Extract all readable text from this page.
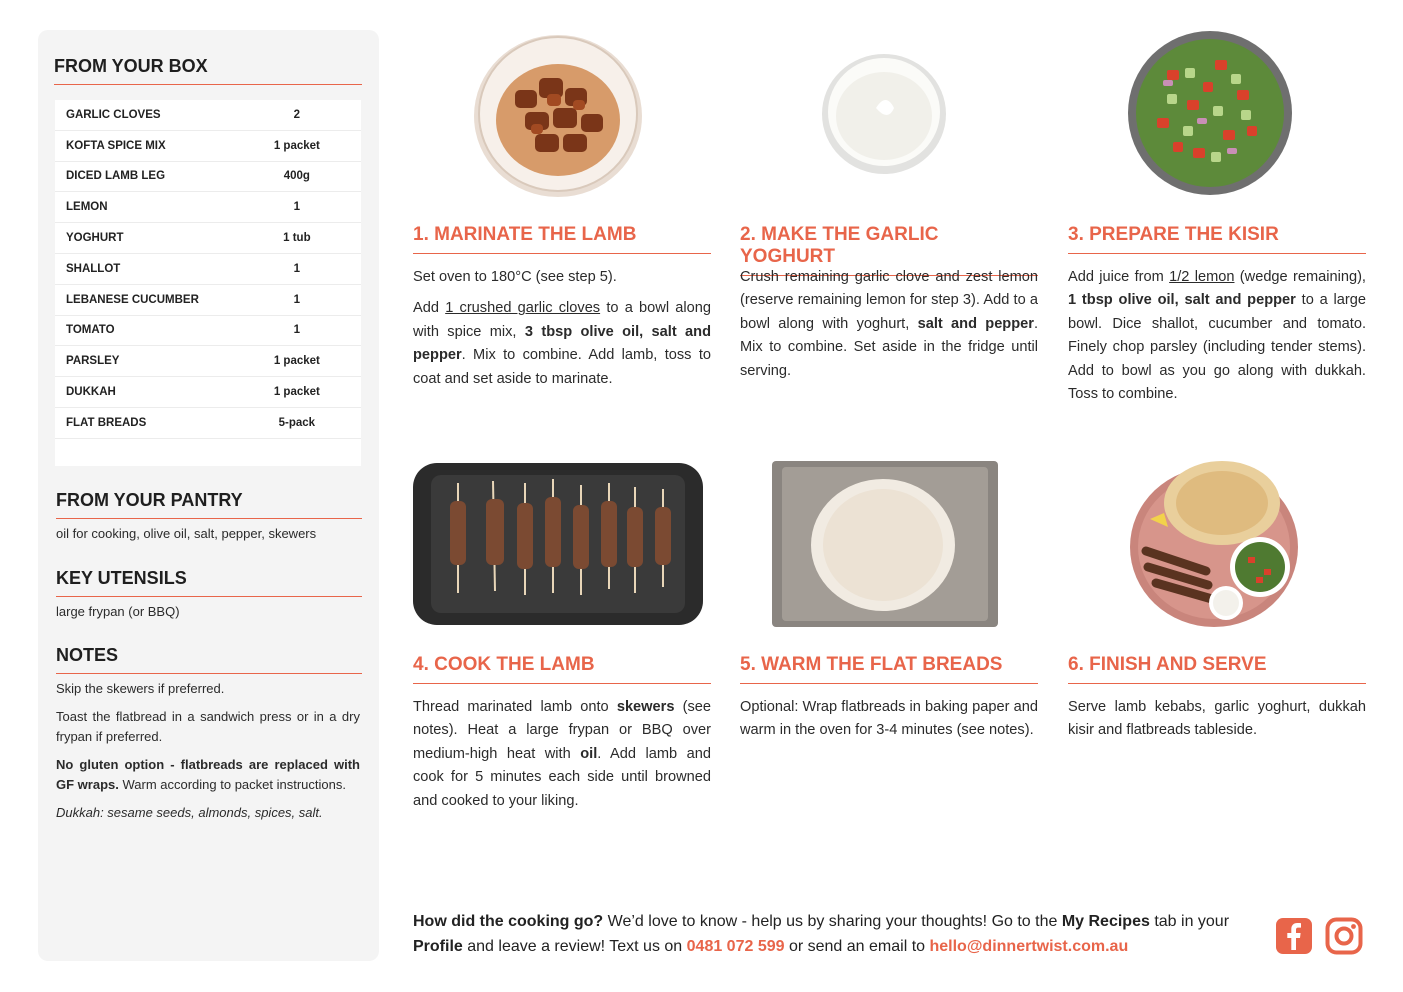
FROM YOUR BOX
GARLIC CLOVES	2
KOFTA SPICE MIX	1 packet
DICED LAMB LEG	400g
LEMON	1
YOGHURT	1 tub
SHALLOT	1
LEBANESE CUCUMBER	1
TOMATO	1
PARSLEY	1 packet
DUKKAH	1 packet
FLAT BREADS	5-pack
FROM YOUR PANTRY
oil for cooking, olive oil, salt, pepper, skewers
KEY UTENSILS
large frypan (or BBQ)
NOTES

Skip the skewers if preferred.

Toast the flatbread in a sandwich press or in a dry frypan if preferred.

No gluten option - flatbreads are replaced with GF wraps. Warm according to packet instructions.

Dukkah: sesame seeds, almonds, spices, salt.

1. MARINATE THE LAMB

Set oven to 180°C (see step 5).

Add 1 crushed garlic cloves to a bowl along with spice mix, 3 tbsp olive oil, salt and pepper. Mix to combine. Add lamb, toss to coat and set aside to marinate.

2. MAKE THE GARLIC YOGHURT

Crush remaining garlic clove and zest lemon (reserve remaining lemon for step 3). Add to a bowl along with yoghurt, salt and pepper. Mix to combine. Set aside in the fridge until serving.

3. PREPARE THE KISIR

Add juice from 1/2 lemon (wedge remaining), 1 tbsp olive oil, salt and pepper to a large bowl. Dice shallot, cucumber and tomato. Finely chop parsley (including tender stems). Add to bowl as you go along with dukkah. Toss to combine.

4. COOK THE LAMB

Thread marinated lamb onto skewers (see notes). Heat a large frypan or BBQ over medium-high heat with oil. Add lamb and cook for 5 minutes each side until browned and cooked to your liking.

5. WARM THE FLAT BREADS

Optional: Wrap flatbreads in baking paper and warm in the oven for 3-4 minutes (see notes).

6. FINISH AND SERVE

Serve lamb kebabs, garlic yoghurt, dukkah kisir and flatbreads tableside.

How did the cooking go? We’d love to know - help us by sharing your thoughts! Go to the My Recipes tab in your Profile and leave a review! Text us on 0481 072 599 or send an email to hello@dinnertwist.com.au
